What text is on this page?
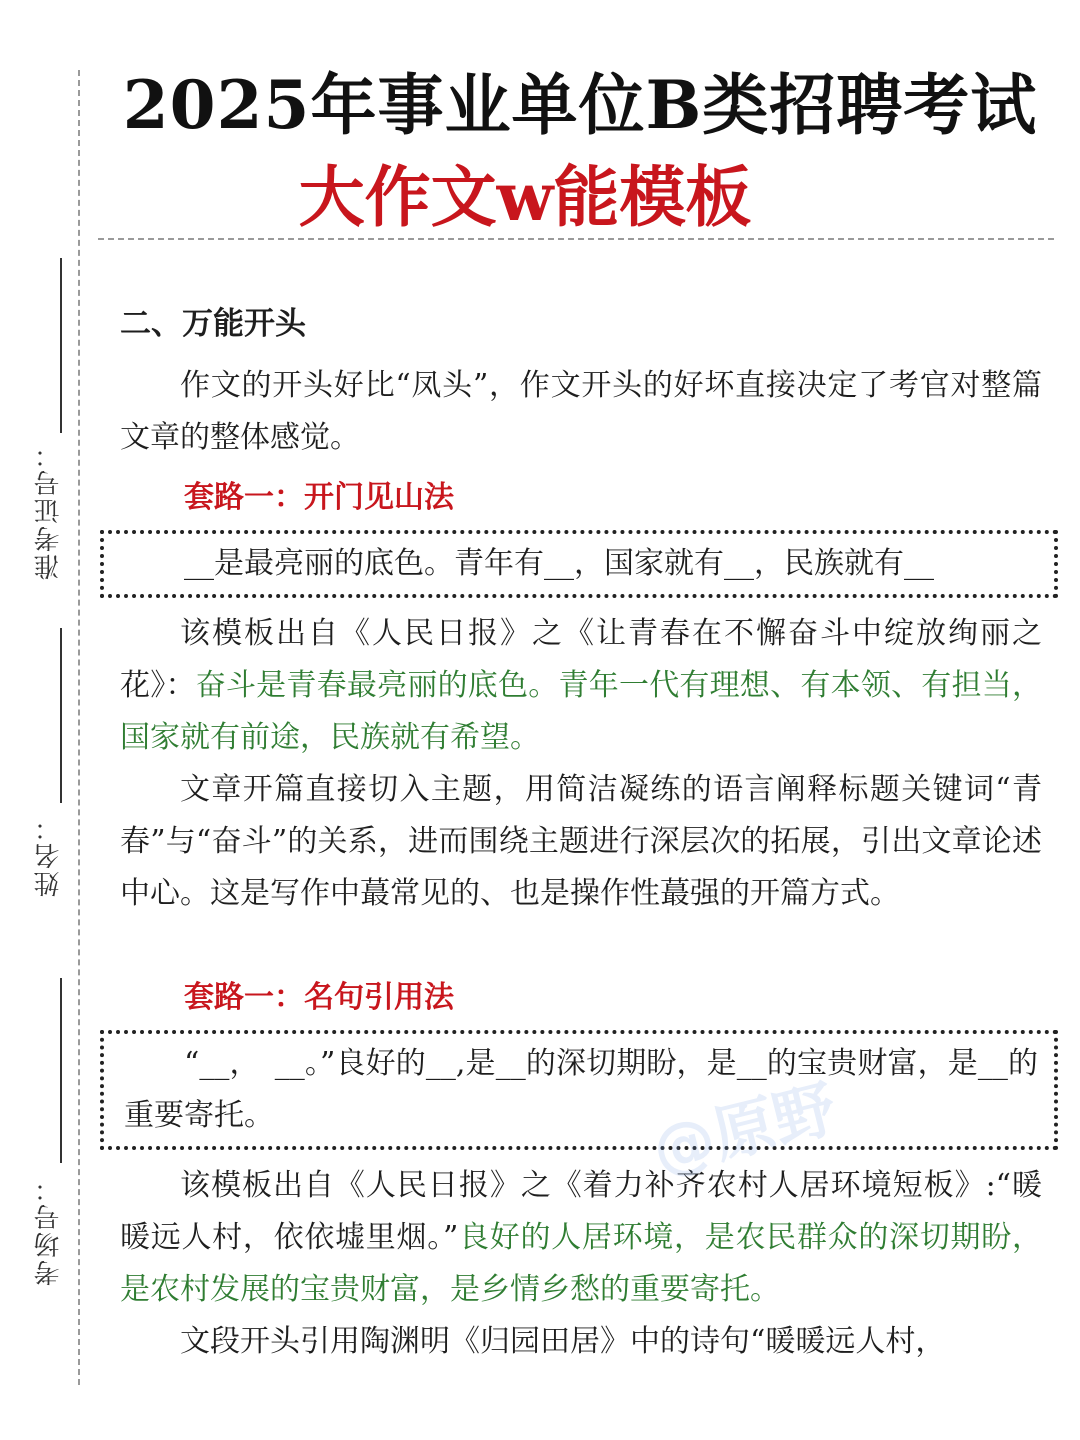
准考证号：
姓名：
考场号：
2025年事业单位B类招聘考试
大作文w能模板
二、万能开头

作文的开头好比“凤头”，作文开头的好坏直接决定了考官对整篇文章的整体感觉。

套路一：开门见山法

__是最亮丽的底色。青年有__，国家就有__，民族就有__

该模板出自《人民日报》之《让青春在不懈奋斗中绽放绚丽之花》：奋斗是青春最亮丽的底色。青年一代有理想、有本领、有担当，国家就有前途，民族就有希望。

文章开篇直接切入主题，用简洁凝练的语言阐释标题关键词“青春”与“奋斗”的关系，进而围绕主题进行深层次的拓展，引出文章论述中心。这是写作中蕞常见的、也是操作性蕞强的开篇方式。

套路一：名句引用法

“__，　__。”良好的__,是__的深切期盼，是__的宝贵财富，是__的重要寄托。

该模板出自《人民日报》之《着力补齐农村人居环境短板》:“暖暖远人村，依依墟里烟。”良好的人居环境，是农民群众的深切期盼，是农村发展的宝贵财富，是乡情乡愁的重要寄托。

文段开头引用陶渊明《归园田居》中的诗句“暖暖远人村，

@原野
